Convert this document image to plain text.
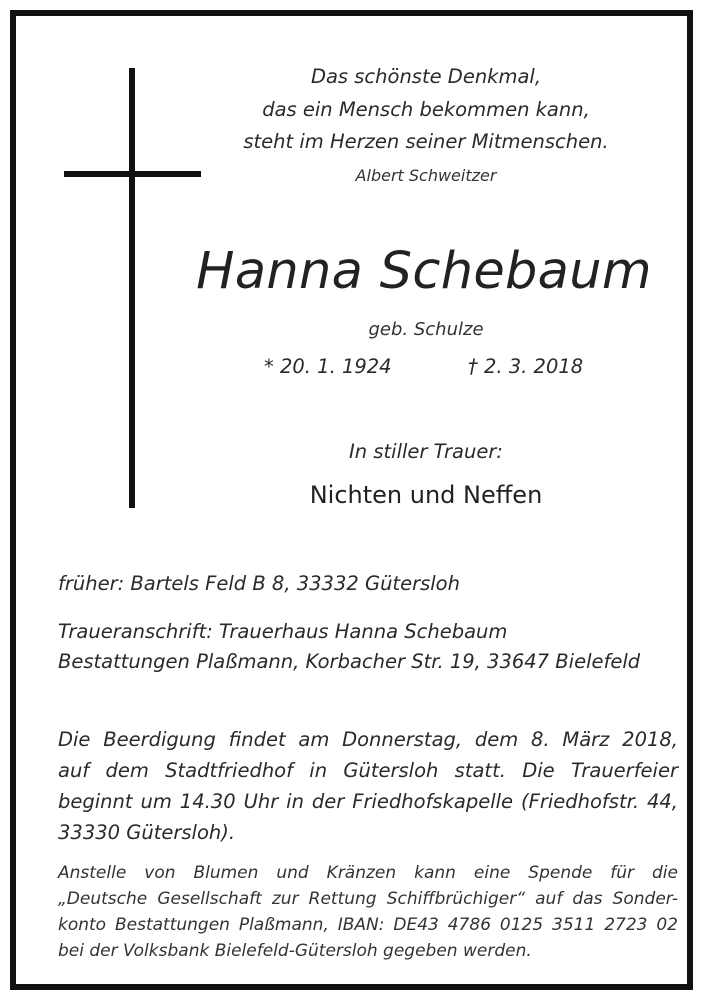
Das schönste Denkmal,
das ein Mensch bekommen kann,
steht im Herzen seiner Mitmenschen.
Albert Schweitzer
Hanna Schebaum
geb. Schulze
* 20. 1. 1924	† 2. 3. 2018
In stiller Trauer:
Nichten und Neffen
früher: Bartels Feld B 8, 33332 Gütersloh
Traueranschrift: Trauerhaus Hanna Schebaum
Bestattungen Plaßmann, Korbacher Str. 19, 33647 Bielefeld
Die Beerdigung findet am Donnerstag, dem 8. März 2018,
auf dem Stadtfriedhof in Gütersloh statt. Die Trauerfeier
beginnt um 14.30 Uhr in der Friedhofskapelle (Friedhofstr. 44,
33330 Gütersloh).
Anstelle von Blumen und Kränzen kann eine Spende für die
„Deutsche Gesellschaft zur Rettung Schiffbrüchiger“ auf das Sonder-
konto Bestattungen Plaßmann, IBAN: DE43 4786 0125 3511 2723 02
bei der Volksbank Bielefeld-Gütersloh gegeben werden.
